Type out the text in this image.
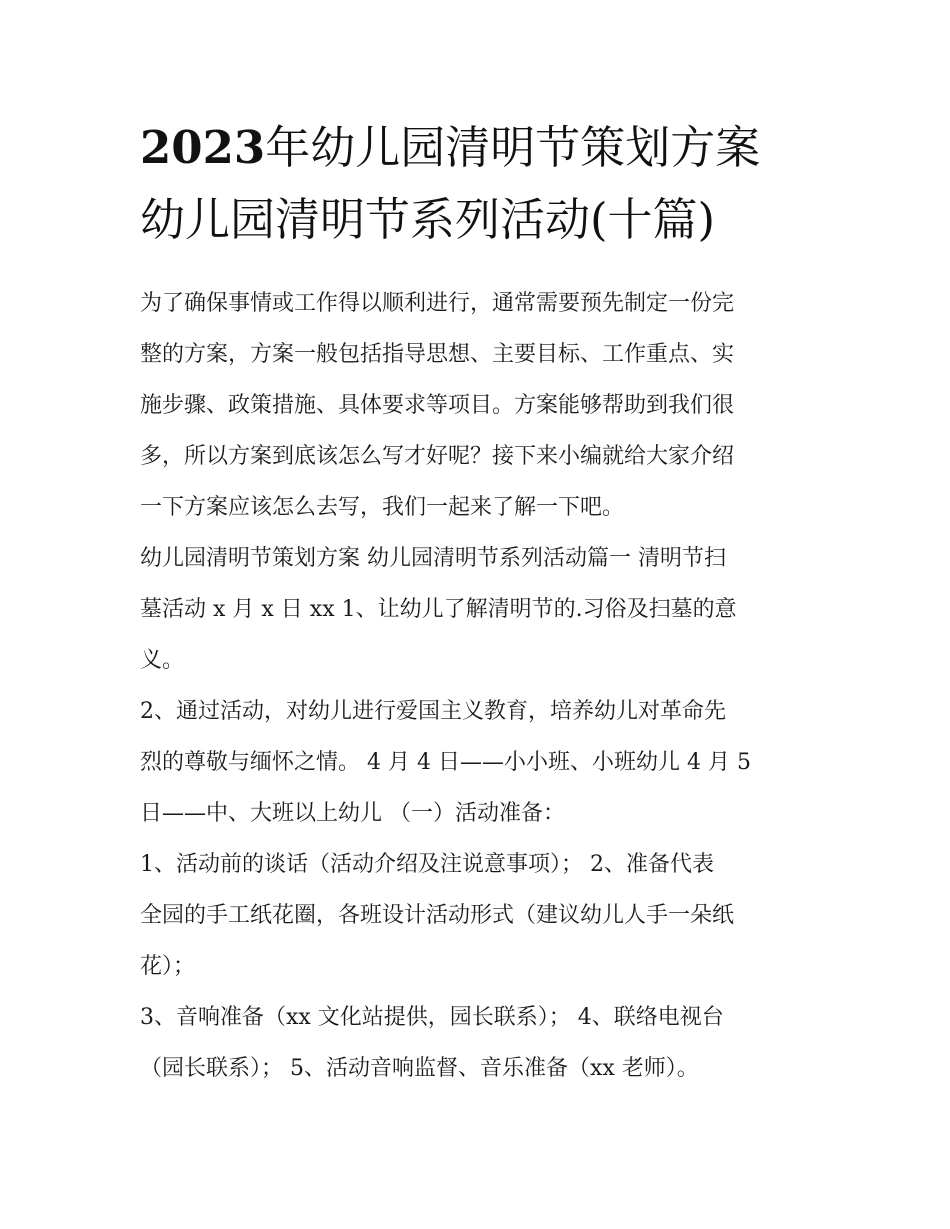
2023年幼儿园清明节策划方案
幼儿园清明节系列活动(十篇)

为了确保事情或工作得以顺利进行，通常需要预先制定一份完
整的方案，方案一般包括指导思想、主要目标、工作重点、实
施步骤、政策措施、具体要求等项目。方案能够帮助到我们很
多，所以方案到底该怎么写才好呢？接下来小编就给大家介绍
一下方案应该怎么去写，我们一起来了解一下吧。

幼儿园清明节策划方案 幼儿园清明节系列活动篇一 清明节扫
墓活动 x 月 x 日 xx 1、让幼儿了解清明节的.习俗及扫墓的意
义。

2、通过活动，对幼儿进行爱国主义教育，培养幼儿对革命先
烈的尊敬与缅怀之情。 4 月 4 日——小小班、小班幼儿 4 月 5
日——中、大班以上幼儿 （一）活动准备：

1、活动前的谈话（活动介绍及注说意事项）； 2、准备代表
全园的手工纸花圈，各班设计活动形式（建议幼儿人手一朵纸
花）；

3、音响准备（xx 文化站提供，园长联系）； 4、联络电视台
（园长联系）； 5、活动音响监督、音乐准备（xx 老师）。
